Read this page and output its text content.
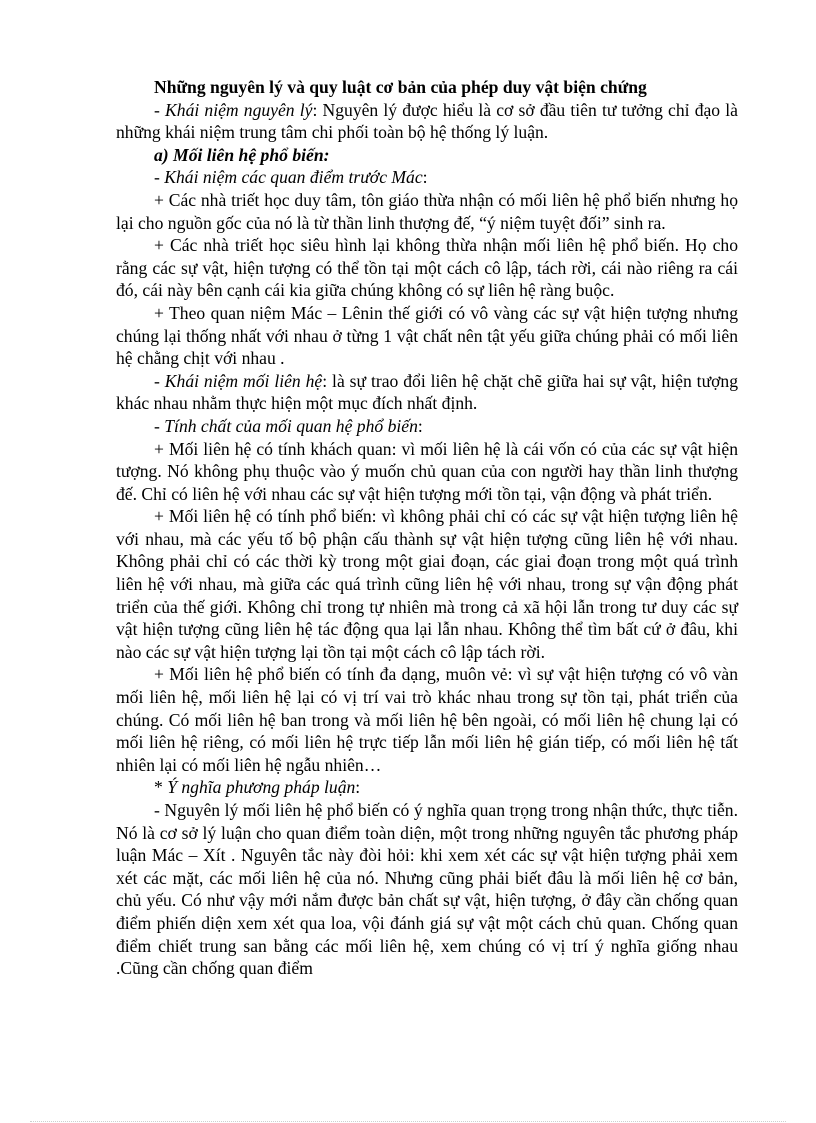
Những nguyên lý và quy luật cơ bản của phép duy vật biện chứng

- Khái niệm nguyên lý: Nguyên lý được hiểu là cơ sở đầu tiên tư tưởng chỉ đạo là những khái niệm trung tâm chi phối toàn bộ hệ thống lý luận.

a) Mối liên hệ phổ biến:

- Khái niệm các quan điểm trước Mác:

+ Các nhà triết học duy tâm, tôn giáo thừa nhận có mối liên hệ phổ biến nhưng họ lại cho nguồn gốc của nó là từ thần linh thượng đế, “ý niệm tuyệt đối” sinh ra.

+ Các nhà triết học siêu hình lại không thừa nhận mối liên hệ phổ biến. Họ cho rằng các sự vật, hiện tượng có thể tồn tại một cách cô lập, tách rời, cái nào riêng ra cái đó, cái này bên cạnh cái kia giữa chúng không có sự liên hệ ràng buộc.

+ Theo quan niệm Mác – Lênin thế giới có vô vàng các sự vật hiện tượng nhưng chúng lại thống nhất với nhau ở từng 1 vật chất nên tật yếu giữa chúng phải có mối liên hệ chằng chịt với nhau .

- Khái niệm mối liên hệ: là sự trao đổi liên hệ chặt chẽ giữa hai sự vật, hiện tượng khác nhau nhằm thực hiện một mục đích nhất định.

- Tính chất của mối quan hệ phổ biến:

+ Mối liên hệ có tính khách quan: vì mối liên hệ là cái vốn có của các sự vật hiện tượng. Nó không phụ thuộc vào ý muốn chủ quan của con người hay thần linh thượng đế. Chỉ có liên hệ với nhau các sự vật hiện tượng mới tồn tại, vận động và phát triển.

+ Mối liên hệ có tính phổ biến: vì không phải chỉ có các sự vật hiện tượng liên hệ với nhau, mà các yếu tố bộ phận cấu thành sự vật hiện tượng cũng liên hệ với nhau. Không phải chỉ có các thời kỳ trong một giai đoạn, các giai đoạn trong một quá trình liên hệ với nhau, mà giữa các quá trình cũng liên hệ với nhau, trong sự vận động phát triển của thế giới. Không chỉ trong tự nhiên mà trong cả xã hội lẫn trong tư duy các sự vật hiện tượng cũng liên hệ tác động qua lại lẫn nhau. Không thể tìm bất cứ ở đâu, khi nào các sự vật hiện tượng lại tồn tại một cách cô lập tách rời.

+ Mối liên hệ phổ biến có tính đa dạng, muôn vẻ: vì sự vật hiện tượng có vô vàn mối liên hệ, mối liên hệ lại có vị trí vai trò khác nhau trong sự tồn tại, phát triển của chúng. Có mối liên hệ ban trong và mối liên hệ bên ngoài, có mối liên hệ chung lại có mối liên hệ riêng, có mối liên hệ trực tiếp lẫn mối liên hệ gián tiếp, có mối liên hệ tất nhiên lại có mối liên hệ ngẫu nhiên…

* Ý nghĩa phương pháp luận:

- Nguyên lý mối liên hệ phổ biến có ý nghĩa quan trọng trong nhận thức, thực tiễn. Nó là cơ sở lý luận cho quan điểm toàn diện, một trong những nguyên tắc phương pháp luận Mác – Xít . Nguyên tắc này đòi hỏi: khi xem xét các sự vật hiện tượng phải xem xét các mặt, các mối liên hệ của nó. Nhưng cũng phải biết đâu là mối liên hệ cơ bản, chủ yếu. Có như vậy mới nắm được bản chất sự vật, hiện tượng, ở đây cần chống quan điểm phiến diện xem xét qua loa, vội đánh giá sự vật một cách chủ quan. Chống quan điểm chiết trung san bằng các mối liên hệ, xem chúng có vị trí ý nghĩa giống nhau .Cũng cần chống quan điểm
